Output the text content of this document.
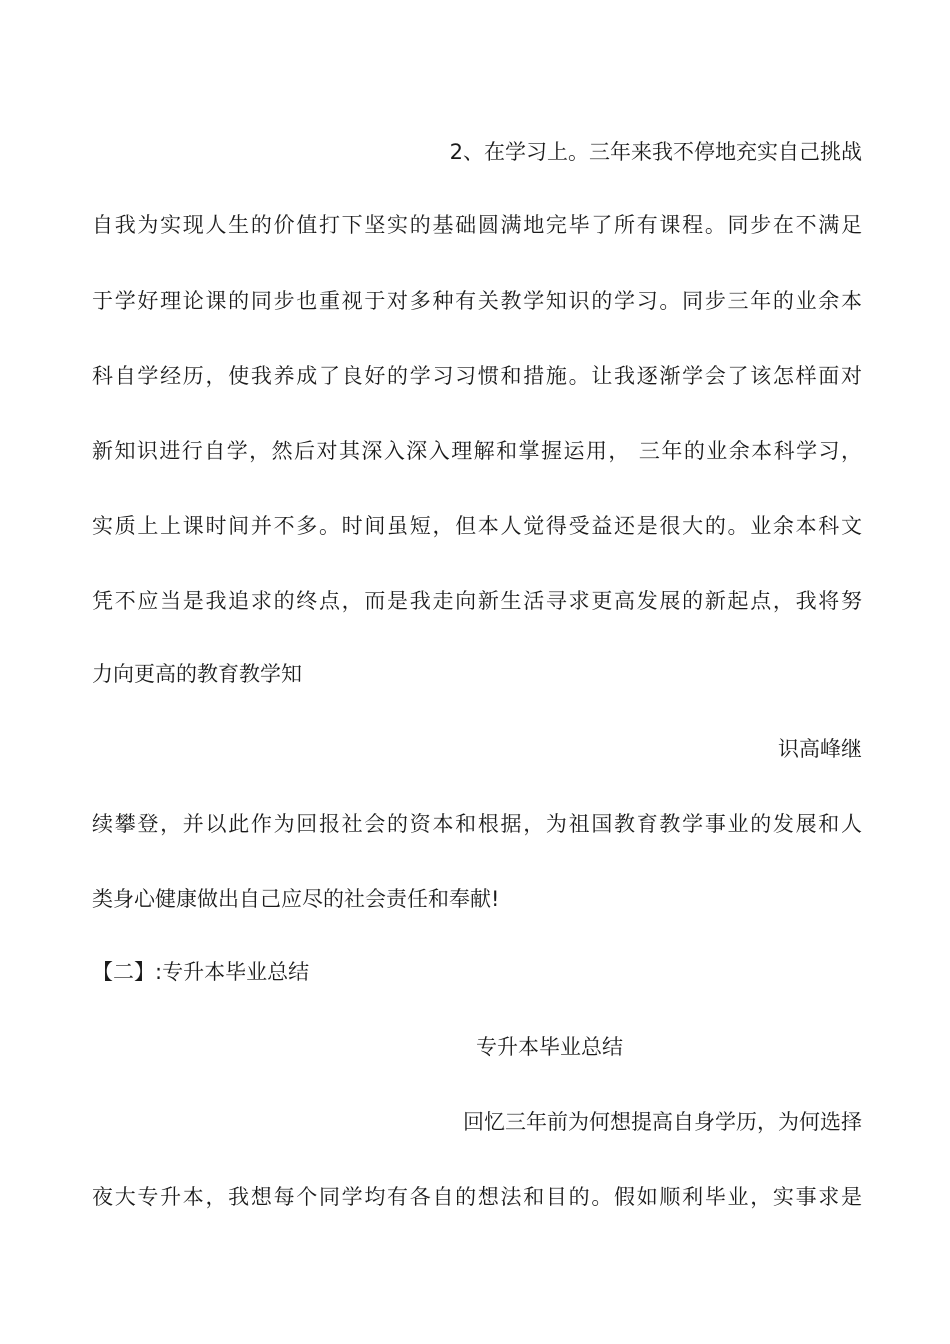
2、在学习上。三年来我不停地充实自己挑战
自我为实现人生的价值打下坚实的基础圆满地完毕了所有课程。同步在不满足
于学好理论课的同步也重视于对多种有关教学知识的学习。同步三年的业余本
科自学经历，使我养成了良好的学习习惯和措施。让我逐渐学会了该怎样面对
新知识进行自学，然后对其深入深入理解和掌握运用， 三年的业余本科学习，
实质上上课时间并不多。时间虽短，但本人觉得受益还是很大的。业余本科文
凭不应当是我追求的终点，而是我走向新生活寻求更高发展的新起点，我将努
力向更高的教育教学知
识高峰继
续攀登，并以此作为回报社会的资本和根据，为祖国教育教学事业的发展和人
类身心健康做出自己应尽的社会责任和奉献!
【二】:专升本毕业总结
专升本毕业总结
回忆三年前为何想提高自身学历，为何选择
夜大专升本，我想每个同学均有各自的想法和目的。假如顺利毕业，实事求是
